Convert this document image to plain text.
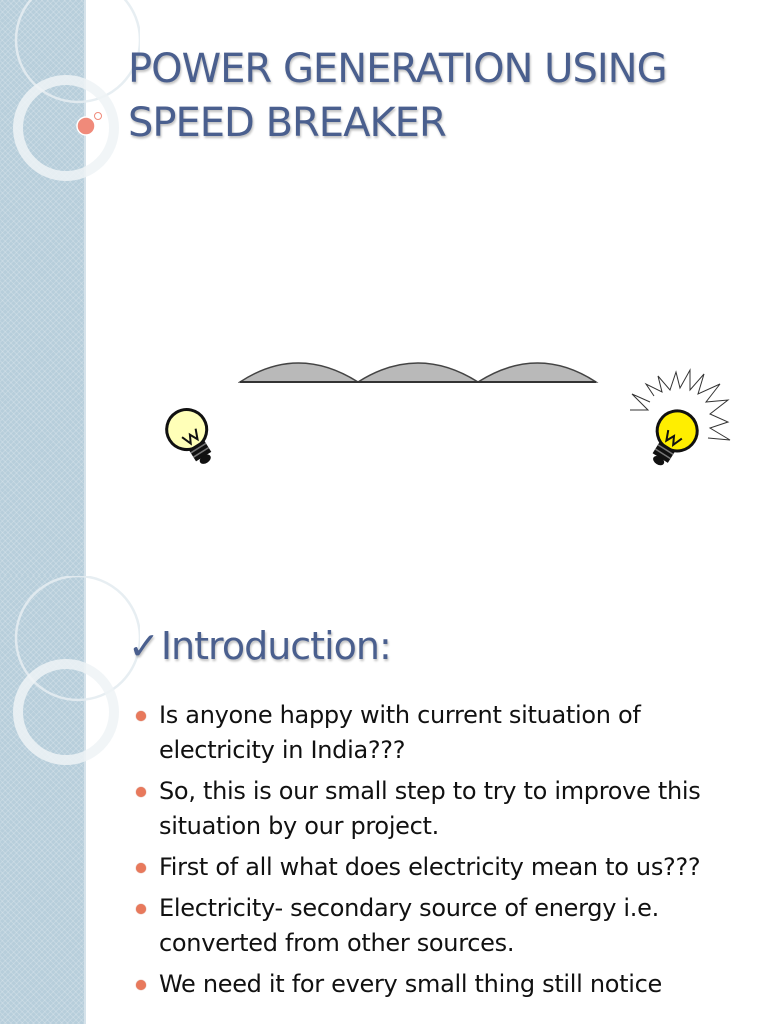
POWER GENERATION USING SPEED BREAKER
✓Introduction:
Is anyone happy with current situation of electricity in India???
So, this is our small step to try to improve this situation by our project.
First of all what does electricity mean to us???
Electricity- secondary source of energy i.e. converted from other sources.
We need it for every small thing still notice
